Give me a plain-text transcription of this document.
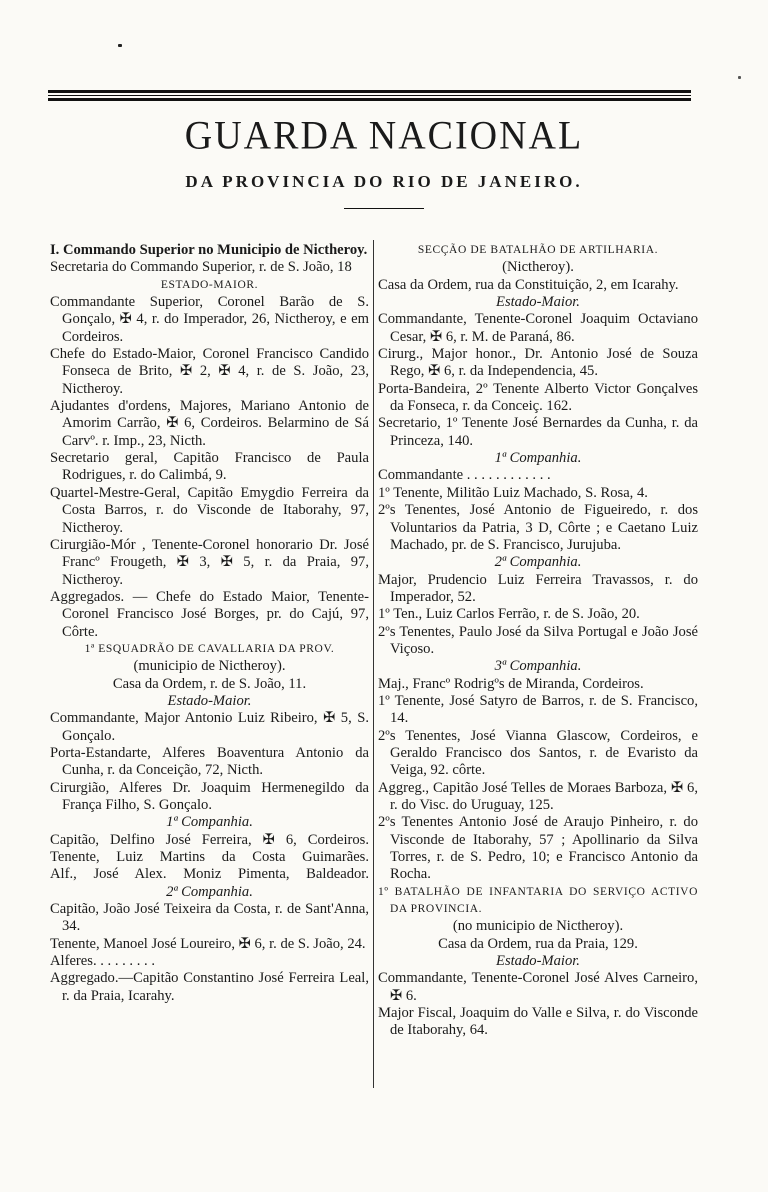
GUARDA NACIONAL
DA PROVINCIA DO RIO DE JANEIRO.

I. Commando Superior no Municipio de Nictheroy.

Secretaria do Commando Superior, r. de S. João, 18

ESTADO-MAIOR.

Commandante Superior, Coronel Barão de S. Gonçalo, ✠ 4, r. do Imperador, 26, Nictheroy, e em Cordeiros.

Chefe do Estado-Maior, Coronel Francisco Candido Fonseca de Brito, ✠ 2, ✠ 4, r. de S. João, 23, Nictheroy.

Ajudantes d'ordens, Majores, Mariano Antonio de Amorim Carrão, ✠ 6, Cordeiros. Belarmino de Sá Carvº. r. Imp., 23, Nicth.

Secretario geral, Capitão Francisco de Paula Rodrigues, r. do Calimbá, 9.

Quartel-Mestre-Geral, Capitão Emygdio Ferreira da Costa Barros, r. do Visconde de Itaborahy, 97, Nictheroy.

Cirurgião-Mór , Tenente-Coronel honorario Dr. José Francº Frougeth, ✠ 3, ✠ 5, r. da Praia, 97, Nictheroy.

Aggregados. — Chefe do Estado Maior, Tenente-Coronel Francisco José Borges, pr. do Cajú, 97, Côrte.

1ª ESQUADRÃO DE CAVALLARIA DA PROV.

(municipio de Nictheroy).

Casa da Ordem, r. de S. João, 11.

Estado-Maior.

Commandante, Major Antonio Luiz Ribeiro, ✠ 5, S. Gonçalo.

Porta-Estandarte, Alferes Boaventura Antonio da Cunha, r. da Conceição, 72, Nicth.

Cirurgião, Alferes Dr. Joaquim Hermenegildo da França Filho, S. Gonçalo.

1ª Companhia.

Capitão, Delfino José Ferreira, ✠ 6, Cordeiros.

Tenente, Luiz Martins da Costa Guimarães.

Alf., José Alex. Moniz Pimenta, Baldeador.

2ª Companhia.

Capitão, João José Teixeira da Costa, r. de Sant'Anna, 34.

Tenente, Manoel José Loureiro, ✠ 6, r. de S. João, 24.

Alferes. . . . . . . . .

Aggregado.—Capitão Constantino José Ferreira Leal, r. da Praia, Icarahy.

SECÇÃO DE BATALHÃO DE ARTILHARIA.

(Nictheroy).

Casa da Ordem, rua da Constituição, 2, em Icarahy.

Estado-Maior.

Commandante, Tenente-Coronel Joaquim Octaviano Cesar, ✠ 6, r. M. de Paraná, 86.

Cirurg., Major honor., Dr. Antonio José de Souza Rego, ✠ 6, r. da Independencia, 45.

Porta-Bandeira, 2º Tenente Alberto Victor Gonçalves da Fonseca, r. da Conceiç. 162.

Secretario, 1º Tenente José Bernardes da Cunha, r. da Princeza, 140.

1ª Companhia.

Commandante . . . . . . . . . . . .

1º Tenente, Militão Luiz Machado, S. Rosa, 4.

2ºs Tenentes, José Antonio de Figueiredo, r. dos Voluntarios da Patria, 3 D, Côrte ; e Caetano Luiz Machado, pr. de S. Francisco, Jurujuba.

2ª Companhia.

Major, Prudencio Luiz Ferreira Travassos, r. do Imperador, 52.

1º Ten., Luiz Carlos Ferrão, r. de S. João, 20.

2ºs Tenentes, Paulo José da Silva Portugal e João José Viçoso.

3ª Companhia.

Maj., Francº Rodrigºs de Miranda, Cordeiros.

1º Tenente, José Satyro de Barros, r. de S. Francisco, 14.

2ºs Tenentes, José Vianna Glascow, Cordeiros, e Geraldo Francisco dos Santos, r. de Evaristo da Veiga, 92. côrte.

Aggreg., Capitão José Telles de Moraes Barboza, ✠ 6, r. do Visc. do Uruguay, 125.

2ºs Tenentes Antonio José de Araujo Pinheiro, r. do Visconde de Itaborahy, 57 ; Apollinario da Silva Torres, r. de S. Pedro, 10; e Francisco Antonio da Rocha.

1º BATALHÃO DE INFANTARIA DO SERVIÇO ACTIVO DA PROVINCIA.

(no municipio de Nictheroy).

Casa da Ordem, rua da Praia, 129.

Estado-Maior.

Commandante, Tenente-Coronel José Alves Carneiro, ✠ 6.

Major Fiscal, Joaquim do Valle e Silva, r. do Visconde de Itaborahy, 64.
